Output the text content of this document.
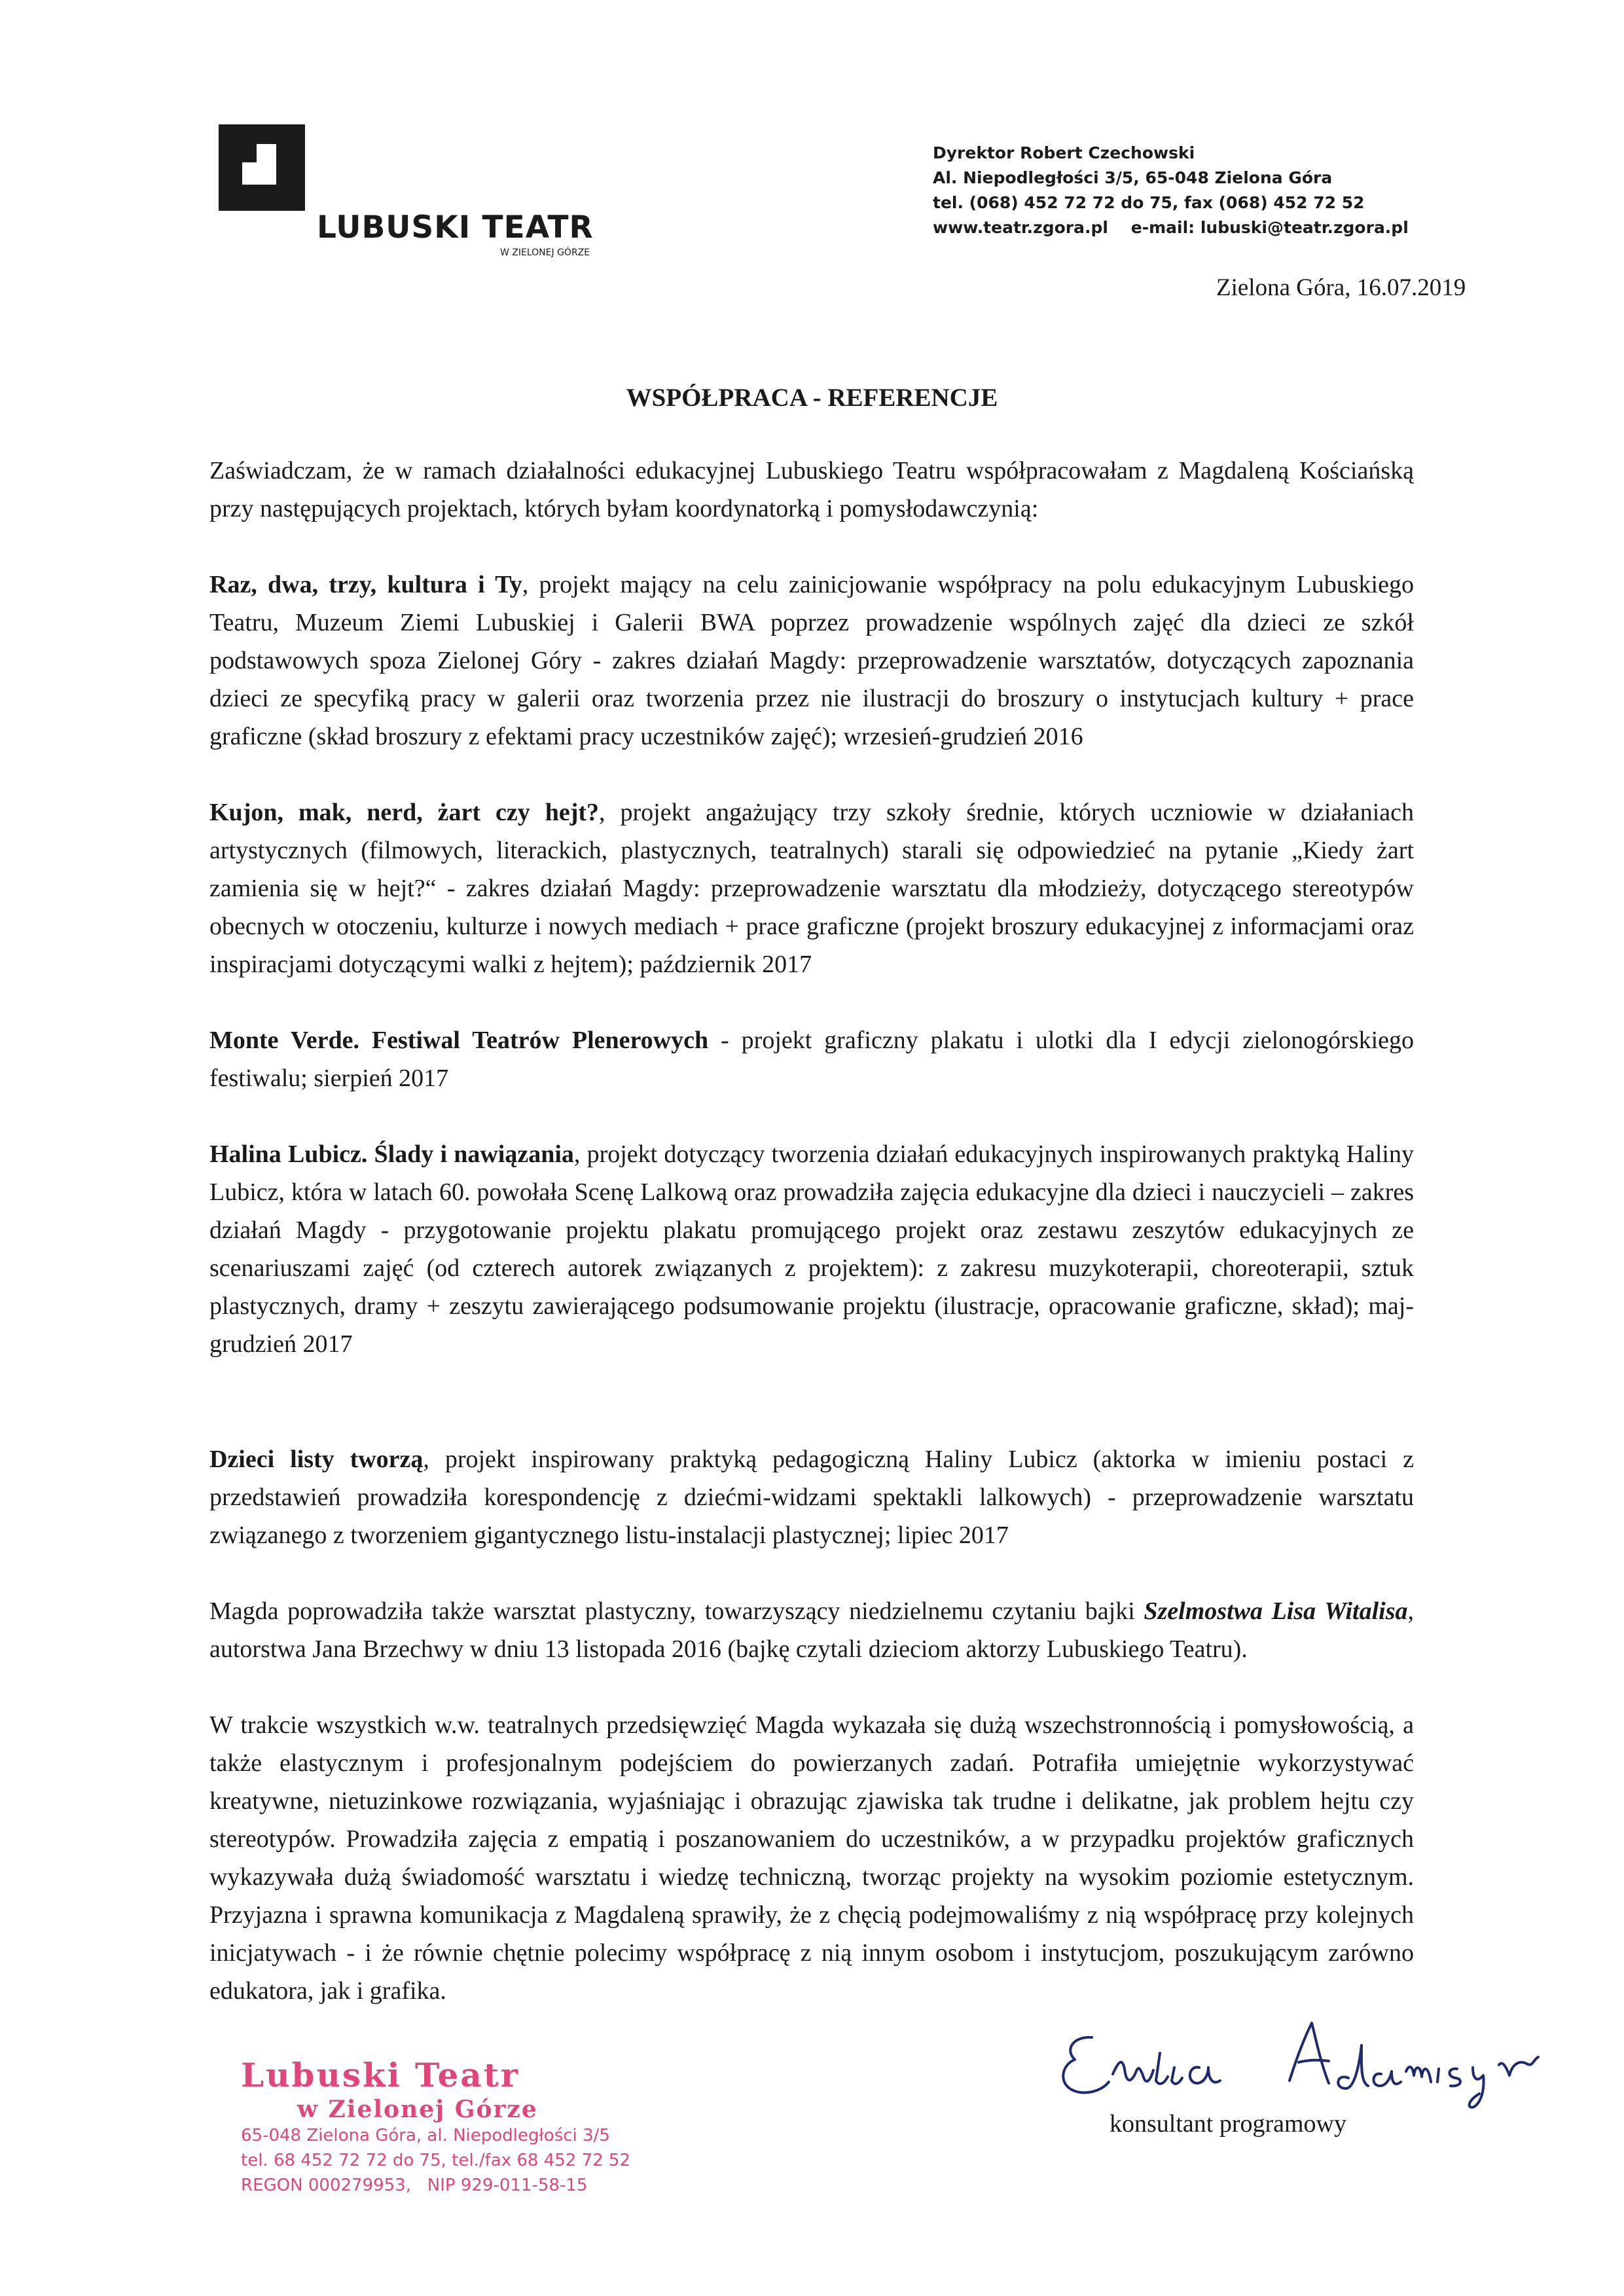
LUBUSKI TEATR
W ZIELONEJ GÓRZE
Dyrektor Robert Czechowski
Al. Niepodległości 3/5, 65-048 Zielona Góra
tel. (068) 452 72 72 do 75, fax (068) 452 72 52
www.teatr.zgora.pl    e-mail: lubuski@teatr.zgora.pl
Zielona Góra, 16.07.2019
WSPÓŁPRACA - REFERENCJE

Zaświadczam, że w ramach działalności edukacyjnej Lubuskiego Teatru współpracowałam z Magdaleną Kościańską przy następujących projektach, których byłam koordynatorką i pomysłodawczynią:

Raz, dwa, trzy, kultura i Ty, projekt mający na celu zainicjowanie współpracy na polu edukacyjnym Lubuskiego Teatru, Muzeum Ziemi Lubuskiej i Galerii BWA poprzez prowadzenie wspólnych zajęć dla dzieci ze szkół podstawowych spoza Zielonej Góry - zakres działań Magdy: przeprowadzenie warsztatów, dotyczących zapoznania dzieci ze specyfiką pracy w galerii oraz tworzenia przez nie ilustracji do broszury o instytucjach kultury + prace graficzne (skład broszury z efektami pracy uczestników zajęć); wrzesień-grudzień 2016

Kujon, mak, nerd, żart czy hejt?, projekt angażujący trzy szkoły średnie, których uczniowie w działaniach artystycznych (filmowych, literackich, plastycznych, teatralnych) starali się odpowiedzieć na pytanie „Kiedy żart zamienia się w hejt?“ - zakres działań Magdy: przeprowadzenie warsztatu dla młodzieży, dotyczącego stereotypów obecnych w otoczeniu, kulturze i nowych mediach + prace graficzne (projekt broszury edukacyjnej z informacjami oraz inspiracjami dotyczącymi walki z hejtem); październik 2017

Monte Verde. Festiwal Teatrów Plenerowych - projekt graficzny plakatu i ulotki dla I edycji zielonogórskiego festiwalu; sierpień 2017

Halina Lubicz. Ślady i nawiązania, projekt dotyczący tworzenia działań edukacyjnych inspirowanych praktyką Haliny Lubicz, która w latach 60. powołała Scenę Lalkową oraz prowadziła zajęcia edukacyjne dla dzieci i nauczycieli – zakres działań Magdy - przygotowanie projektu plakatu promującego projekt oraz zestawu zeszytów edukacyjnych ze scenariuszami zajęć (od czterech autorek związanych z projektem): z zakresu muzykoterapii, choreoterapii, sztuk plastycznych, dramy + zeszytu zawierającego podsumowanie projektu (ilustracje, opracowanie graficzne, skład); maj-grudzień 2017

Dzieci listy tworzą, projekt inspirowany praktyką pedagogiczną Haliny Lubicz (aktorka w imieniu postaci z przedstawień prowadziła korespondencję z dziećmi-widzami spektakli lalkowych) - przeprowadzenie warsztatu związanego z tworzeniem gigantycznego listu-instalacji plastycznej; lipiec 2017

Magda poprowadziła także warsztat plastyczny, towarzyszący niedzielnemu czytaniu bajki Szelmostwa Lisa Witalisa, autorstwa Jana Brzechwy w dniu 13 listopada 2016 (bajkę czytali dzieciom aktorzy Lubuskiego Teatru).

W trakcie wszystkich w.w. teatralnych przedsięwzięć Magda wykazała się dużą wszechstronnością i pomysłowością, a także elastycznym i profesjonalnym podejściem do powierzanych zadań. Potrafiła umiejętnie wykorzystywać kreatywne, nietuzinkowe rozwiązania, wyjaśniając i obrazując zjawiska tak trudne i delikatne, jak problem hejtu czy stereotypów. Prowadziła zajęcia z empatią i poszanowaniem do uczestników, a w przypadku projektów graficznych wykazywała dużą świadomość warsztatu i wiedzę techniczną, tworząc projekty na wysokim poziomie estetycznym. Przyjazna i sprawna komunikacja z Magdaleną sprawiły, że z chęcią podejmowaliśmy z nią współpracę przy kolejnych inicjatywach - i że równie chętnie polecimy współpracę z nią innym osobom i instytucjom, poszukującym zarówno edukatora, jak i grafika.

Lubuski Teatr
w Zielonej Górze
65-048 Zielona Góra, al. Niepodległości 3/5
tel. 68 452 72 72 do 75, tel./fax 68 452 72 52
REGON 000279953,   NIP 929-011-58-15
konsultant programowy
